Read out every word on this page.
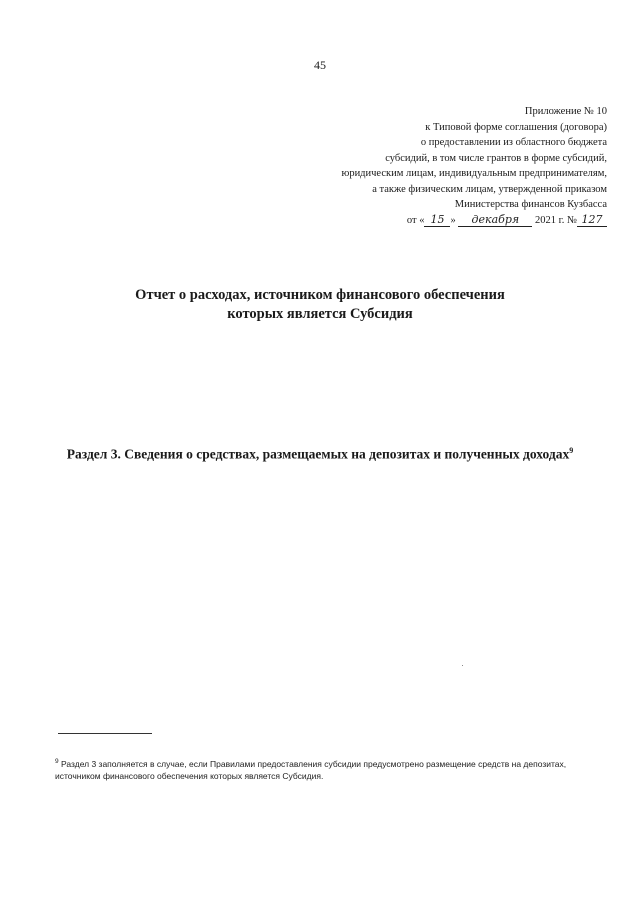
45
Приложение № 10
к Типовой форме соглашения (договора)
о предоставлении из областного бюджета
субсидий, в том числе грантов в форме субсидий,
юридическим лицам, индивидуальным предпринимателям,
а также физическим лицам, утвержденной приказом
Министерства финансов Кузбасса
от « 15 » декабря 2021 г. № 127
Отчет о расходах, источником финансового обеспечения
которых является Субсидия
Раздел 3. Сведения о средствах, размещаемых на депозитах и полученных доходах$^9$
$^9$ Раздел 3 заполняется в случае, если Правилами предоставления субсидии предусмотрено размещение средств на депозитах, источником финансового обеспечения которых является Субсидия.
